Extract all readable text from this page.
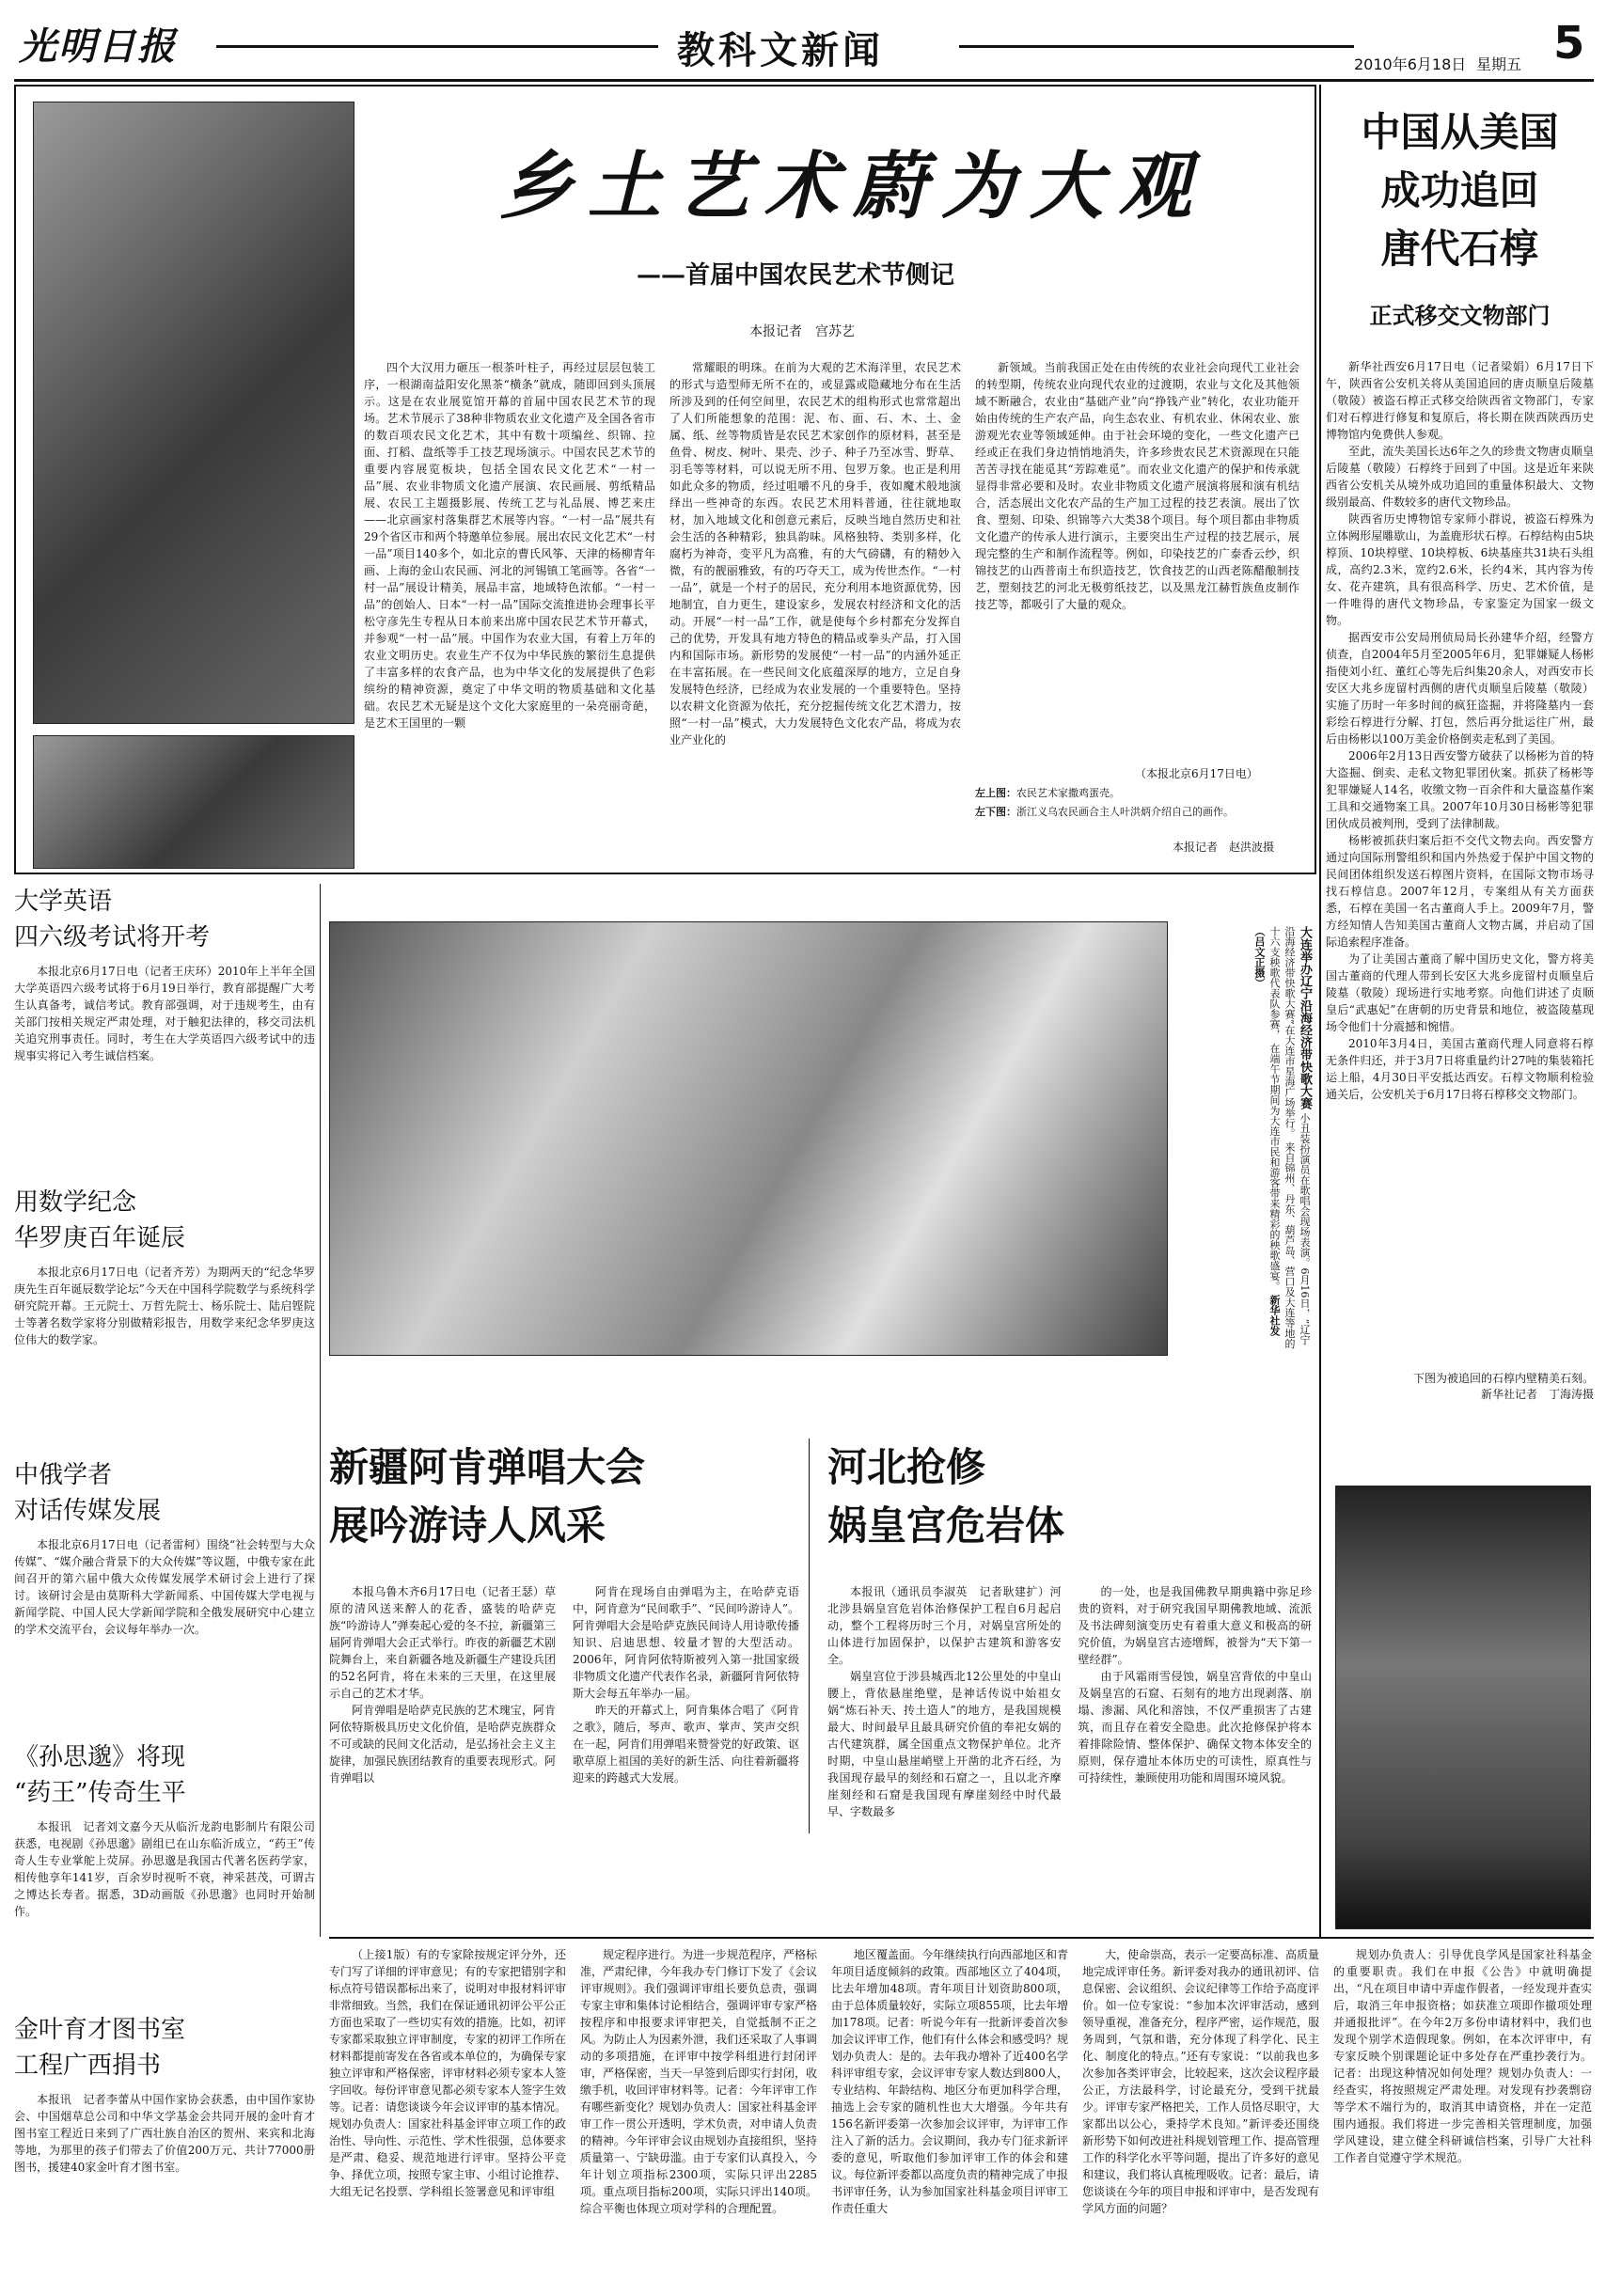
光明日报	教科文新闻	2010年6月18日 星期五 5
乡土艺术蔚为大观
——首届中国农民艺术节侧记
本报记者　宫苏艺
四个大汉用力砸压一根茶叶柱子，再经过层层包装工序，一根湖南益阳安化黑茶“横条”就成，随即回到头顶展示。这是在农业展览馆开幕的首届中国农民艺术节的现场。艺术节展示了38种非物质农业文化遗产及全国各省市的数百项农民文化艺术，其中有数十项编丝、织锦、拉面、打稻、盘纸等手工技艺现场演示。中国农民艺术节的重要内容展览板块，包括全国农民文化艺术“一村一品”展、农业非物质文化遗产展演、农民画展、剪纸精品展、农民工主题摄影展、传统工艺与礼品展、博艺来庄——北京画家村落集群艺术展等内容。“一村一品”展共有29个省区市和两个特邀单位参展。展出农民文化艺术“一村一品”项目140多个，如北京的曹氏风筝、天津的杨柳青年画、上海的金山农民画、河北的河锡镇工笔画等。各省“一村一品”展设计精美，展品丰富，地域特色浓郁。“一村一品”的创始人、日本“一村一品”国际交流推进协会理事长平松守彦先生专程从日本前来出席中国农民艺术节开幕式，并参观“一村一品”展。中国作为农业大国，有着上万年的农业文明历史。农业生产不仅为中华民族的繁衍生息提供了丰富多样的农食产品，也为中华文化的发展提供了色彩缤纷的精神资源，奠定了中华文明的物质基础和文化基础。农民艺术无疑是这个文化大家庭里的一朵亮丽奇葩，是艺术王国里的一颗
常耀眼的明珠。在前为大观的艺术海洋里，农民艺术的形式与造型师无所不在的，或显露或隐藏地分布在生活所涉及到的任何空间里，农民艺术的组构形式也常常超出了人们所能想象的范围：泥、布、面、石、木、土、金属、纸、丝等物质皆是农民艺术家创作的原材料，甚至是鱼骨、树皮、树叶、果壳、沙子、种子乃至冰雪、野草、羽毛等等材料，可以说无所不用、包罗万象。也正是利用如此众多的物质，经过咀嚼不凡的身手，夜如魔术般地演绎出一些神奇的东西。农民艺术用料普通，往往就地取材，加入地域文化和创意元素后，反映当地自然历史和社会生活的各种精彩，独具韵味。风格独特、类别多样，化腐朽为神奇，变平凡为高雅，有的大气磅礴，有的精妙入微，有的靓丽雅致，有的巧夺天工，成为传世杰作。“一村一品”，就是一个村子的居民，充分利用本地资源优势，因地制宜，自力更生，建设家乡，发展农村经济和文化的活动。开展“一村一品”工作，就是使每个乡村都充分发挥自己的优势，开发具有地方特色的精品或拳头产品，打入国内和国际市场。新形势的发展使“一村一品”的内涵外延正在丰富拓展。在一些民间文化底蕴深厚的地方，立足自身发展特色经济，已经成为农业发展的一个重要特色。坚持以农耕文化资源为依托，充分挖掘传统文化艺术潜力，按照“一村一品”模式，大力发展特色文化农产品，将成为农业产业化的
新领域。当前我国正处在由传统的农业社会向现代工业社会的转型期，传统农业向现代农业的过渡期，农业与文化及其他领域不断融合，农业由“基础产业”向“挣钱产业”转化，农业功能开始由传统的生产农产品，向生态农业、有机农业、休闲农业、旅游观光农业等领域延伸。由于社会环境的变化，一些文化遗产已经或正在我们身边悄悄地消失，许多珍贵农民艺术资源现在只能苦苦寻找在能觅其“芳踪难觅”。而农业文化遗产的保护和传承就显得非常必要和及时。农业非物质文化遗产展演将展和演有机结合，活态展出文化农产品的生产加工过程的技艺表演。展出了饮食、塑刻、印染、织锦等六大类38个项目。每个项目都由非物质文化遗产的传承人进行演示，主要突出生产过程的技艺展示，展现完整的生产和制作流程等。例如，印染技艺的广泰香云纱，织锦技艺的山西普南土布织造技艺，饮食技艺的山西老陈醋酿制技艺，塑刻技艺的河北无极剪纸技艺，以及黑龙江赫哲族鱼皮制作技艺等，都吸引了大量的观众。
（本报北京6月17日电）
左上图：农民艺术家撒鸡蛋壳。
左下图：浙江义乌农民画合主人叶洪炳介绍自己的画作。
本报记者　赵洪波摄
中国从美国
成功追回
唐代石椁
正式移交文物部门

新华社西安6月17日电（记者梁娟）6月17日下午，陕西省公安机关将从美国追回的唐贞顺皇后陵墓（敬陵）被盗石椁正式移交给陕西省文物部门，专家们对石椁进行修复和复原后，将长期在陕西陕西历史博物馆内免费供人参观。

至此，流失美国长达6年之久的珍贵文物唐贞顺皇后陵墓（敬陵）石椁终于回到了中国。这是近年来陕西省公安机关从境外成功追回的重量体积最大、文物级别最高、件数较多的唐代文物珍品。

陕西省历史博物馆专家师小群说，被盗石椁殊为立体阙形屋雕歇山，为盖鹿形状石椁。石椁结构由5块椁顶、10块椁壁、10块椁板、6块基座共31块石头组成，高约2.3米，宽约2.6米，长约4米，其内容为传女、花卉建筑，具有很高科学、历史、艺术价值，是一件唯得的唐代文物珍品，专家鉴定为国家一级文物。

据西安市公安局刑侦局局长孙建华介绍，经警方侦查，自2004年5月至2005年6月，犯罪嫌疑人杨彬指使刘小红、董红心等先后纠集20余人，对西安市长安区大兆乡庞留村西侧的唐代贞顺皇后陵墓（敬陵）实施了历时一年多时间的疯狂盗掘，并将隆墓内一套彩绘石椁进行分解、打包，然后再分批运往广州，最后由杨彬以100万美金价格倒卖走私到了美国。

2006年2月13日西安警方破获了以杨彬为首的特大盗掘、倒卖、走私文物犯罪团伙案。抓获了杨彬等犯罪嫌疑人14名，收缴文物一百余件和大量盗墓作案工具和交通物案工具。2007年10月30日杨彬等犯罪团伙成员被判刑，受到了法律制裁。

杨彬被抓获归案后拒不交代文物去向。西安警方通过向国际刑警组织和国内外热爱于保护中国文物的民间团体组织发送石椁图片资料，在国际文物市场寻找石椁信息。2007年12月，专案组从有关方面获悉，石椁在美国一名古董商人手上。2009年7月，警方经知情人告知美国古董商人文物古属，并启动了国际追索程序准备。

为了让美国古董商了解中国历史文化，警方将美国古董商的代理人带到长安区大兆乡庞留村贞顺皇后陵墓（敬陵）现场进行实地考察。向他们讲述了贞顺皇后“武惠妃”在唐朝的历史背景和地位，被盗陵墓现场令他们十分震撼和惋惜。

2010年3月4日，美国古董商代理人同意将石椁无条件归还，并于3月7日将重量约计27吨的集装箱托运上船，4月30日平安抵达西安。石椁文物顺利检验通关后，公安机关于6月17日将石椁移交文物部门。

下图为被追回的石椁内壁精美石刻。
新华社记者　丁海涛摄
大学英语
四六级考试将开考

本报北京6月17日电（记者王庆环）2010年上半年全国大学英语四六级考试将于6月19日举行，教育部提醒广大考生认真备考，诚信考试。教育部强调，对于违规考生，由有关部门按相关规定严肃处理，对于触犯法律的，移交司法机关追究刑事责任。同时，考生在大学英语四六级考试中的违规事实将记入考生诚信档案。

用数学纪念
华罗庚百年诞辰

本报北京6月17日电（记者齐芳）为期两天的“纪念华罗庚先生百年诞辰数学论坛”今天在中国科学院数学与系统科学研究院开幕。王元院士、万哲先院士、杨乐院士、陆启铿院士等著名数学家将分别做精彩报告，用数学来纪念华罗庚这位伟大的数学家。

中俄学者
对话传媒发展

本报北京6月17日电（记者雷柯）围绕“社会转型与大众传媒”、“媒介融合背景下的大众传媒”等议题，中俄专家在此间召开的第六届中俄大众传媒发展学术研讨会上进行了探讨。该研讨会是由莫斯科大学新闻系、中国传媒大学电视与新闻学院、中国人民大学新闻学院和全俄发展研究中心建立的学术交流平台，会议每年举办一次。

《孙思邈》将现
“药王”传奇生平

本报讯　记者刘文嘉今天从临沂龙韵电影制片有限公司获悉，电视剧《孙思邈》剧组已在山东临沂成立，“药王”传奇人生专业掌舵上荧屏。孙思邈是我国古代著名医药学家，相传他享年141岁，百余岁时视听不衰，神采甚茂，可谓古之博达长寿者。据悉，3D动画版《孙思邈》也同时开始制作。

金叶育才图书室
工程广西捐书

本报讯　记者李蕾从中国作家协会获悉，由中国作家协会、中国烟草总公司和中华文学基金会共同开展的金叶育才图书室工程近日来到了广西壮族自治区的贺州、来宾和北海等地，为那里的孩子们带去了价值200万元、共计77000册图书，援建40家金叶育才图书室。

大连举办辽宁沿海经济带快歌大赛 小丑装扮演员在歌唱会现场表演。6月16日，“辽宁沿海经济带快歌大赛”在大连市星海广场举行。 来自锦州、丹东、葫芦岛、营口及大连等地的十六支秧歌代表队参赛， 在端午节期间为大连市民和游客带来精彩的秧歌盛宴。 新华社发（吕文正摄）
新疆阿肯弹唱大会
展吟游诗人风采

本报乌鲁木齐6月17日电（记者王瑟）草原的清风送来醉人的花香，盛装的哈萨克族“吟游诗人”弹奏起心爱的冬不拉，新疆第三届阿肯弹唱大会正式举行。昨夜的新疆艺术剧院舞台上，来自新疆各地及新疆生产建设兵团的52名阿肯，将在未来的三天里，在这里展示自己的艺术才华。

阿肯弹唱是哈萨克民族的艺术瑰宝，阿肯阿依特斯极具历史文化价值，是哈萨克族群众不可或缺的民间文化活动，是弘扬社会主义主旋律，加强民族团结教育的重要表现形式。阿肯弹唱以

阿肯在现场自由弹唱为主，在哈萨克语中，阿肯意为“民间歌手”、“民间吟游诗人”。阿肯弹唱大会是哈萨克族民间诗人用诗歌传播知识、启迪思想、较量才智的大型活动。2006年，阿肯阿依特斯被列入第一批国家级非物质文化遗产代表作名录，新疆阿肯阿依特斯大会每五年举办一届。

昨天的开幕式上，阿肯集体合唱了《阿肯之歌》，随后，琴声、歌声、掌声、笑声交织在一起，阿肯们用弹唱来赞誉党的好政策、讴歌草原上祖国的美好的新生活、向往着新疆将迎来的跨越式大发展。

河北抢修
娲皇宫危岩体

本报讯（通讯员李淑英　记者耿建扩）河北涉县娲皇宫危岩体治修保护工程自6月起启动，整个工程将历时三个月，对娲皇宫所处的山体进行加固保护，以保护古建筑和游客安全。

娲皇宫位于涉县城西北12公里处的中皇山腰上，背依悬崖绝壁，是神话传说中始祖女娲“炼石补天、抟土造人”的地方，是我国规模最大、时间最早且最具研究价值的奉祀女娲的古代建筑群，属全国重点文物保护单位。北齐时期，中皇山悬崖峭壁上开凿的北齐石经，为我国现存最早的刻经和石窟之一，且以北齐摩崖刻经和石窟是我国现有摩崖刻经中时代最早、字数最多

的一处，也是我国佛教早期典籍中弥足珍贵的资料，对于研究我国早期佛教地域、流派及书法碑刻演变历史有着重大意义和极高的研究价值，为娲皇宫古迹增辉，被誉为“天下第一壁经群”。

由于风霜雨雪侵蚀，娲皇宫背依的中皇山及娲皇宫的石窟、石刻有的地方出现剥落、崩塌、渗漏、风化和溶蚀，不仅严重损害了古建筑，而且存在着安全隐患。此次抢修保护将本着排除险情、整体保护、确保文物本体安全的原则，保存遗址本体历史的可读性，原真性与可持续性，兼顾使用功能和周围环境风貌。

（上接1版）有的专家除按规定评分外，还专门写了详细的评审意见；有的专家把错别字和标点符号错误都标出来了，说明对申报材料评审非常细致。当然，我们在保证通讯初评公平公正方面也采取了一些切实有效的措施。比如，初评专家都采取独立评审制度，专家的初评工作所在材料都提前寄发在各省或本单位的，为确保专家独立评审和严格保密，评审材料必须专家本人签字回收。每份评审意见都必须专家本人签字生效等。记者：请您谈谈今年会议评审的基本情况。规划办负责人：国家社科基金评审立项工作的政治性、导向性、示范性、学术性很强，总体要求是严肃、稳妥、规范地进行评审。坚持公平竞争、择优立项，按照专家主审、小组讨论推荐、大组无记名投票、学科组长签署意见和评审组
规定程序进行。为进一步规范程序，严格标准，严肃纪律，今年我办专门修订下发了《会议评审规则》。我们强调评审组长要负总责，强调专家主审和集体讨论相结合，强调评审专家严格按程序和申报要求评审把关，自觉抵制不正之风。为防止人为因素外泄，我们还采取了人事调动的多项措施，在评审中按学科组进行封闭评审，严格保密，当天一早签到后即实行封闭，收缴手机，收回评审材料等。记者：今年评审工作有哪些新变化？规划办负责人：国家社科基金评审工作一贯公开透明，学术负责，对申请人负责的精神。今年评审会议由规划办直接组织，坚持质量第一、宁缺毋滥。由于专家们认真投入，今年计划立项指标2300项，实际只评出2285项。重点项目指标200项，实际只评出140项。综合平衡也体现立项对学科的合理配置。
地区覆盖面。今年继续执行向西部地区和青年项目适度倾斜的政策。西部地区立了404项，比去年增加48项。青年项目计划资助800项，由于总体质量较好，实际立项855项，比去年增加178项。记者：听说今年有一批新评委首次参加会议评审工作，他们有什么体会和感受吗？规划办负责人：是的。去年我办增补了近400名学科评审组专家，会议评审专家人数达到800人，专业结构、年龄结构、地区分布更加科学合理，抽选上会专家的随机性也大大增强。今年共有156名新评委第一次参加会议评审，为评审工作注入了新的活力。会议期间，我办专门征求新评委的意见，听取他们参加评审工作的体会和建议。每位新评委都以高度负责的精神完成了申报书评审任务，认为参加国家社科基金项目评审工作责任重大
大，使命崇高，表示一定要高标准、高质量地完成评审任务。新评委对我办的通讯初评、信息保密、会议组织、会议纪律等工作给予高度评价。如一位专家说：“参加本次评审活动，感到领导重视，准备充分，程序严密，运作规范，服务周到，气氛和谐，充分体现了科学化、民主化、制度化的特点。”还有专家说：“以前我也多次参加各类评审会，比较起来，这次会议程序最公正，方法最科学，讨论最充分，受到干扰最少。评审专家严格把关，工作人员恪尽职守，大家都出以公心，秉持学术良知。”新评委还围绕新形势下如何改进社科规划管理工作、提高管理工作的科学化水平等问题，提出了许多好的意见和建议，我们将认真梳理吸收。记者：最后，请您谈谈在今年的项目申报和评审中，是否发现有学风方面的问题？
规划办负责人：引导优良学风是国家社科基金的重要职责。我们在申报《公告》中就明确提出，“凡在项目申请中弄虚作假者，一经发现并查实后，取消三年申报资格；如获准立项即作撤项处理并通报批评”。在今年2万多份申请材料中，我们也发现个别学术造假现象。例如，在本次评审中，有专家反映个别课题论证中多处存在严重抄袭行为。记者：出现这种情况如何处理？规划办负责人：一经查实，将按照规定严肃处理。对发现有抄袭剽窃等学术不端行为的，取消其申请资格，并在一定范围内通报。我们将进一步完善相关管理制度，加强学风建设，建立健全科研诚信档案，引导广大社科工作者自觉遵守学术规范。
